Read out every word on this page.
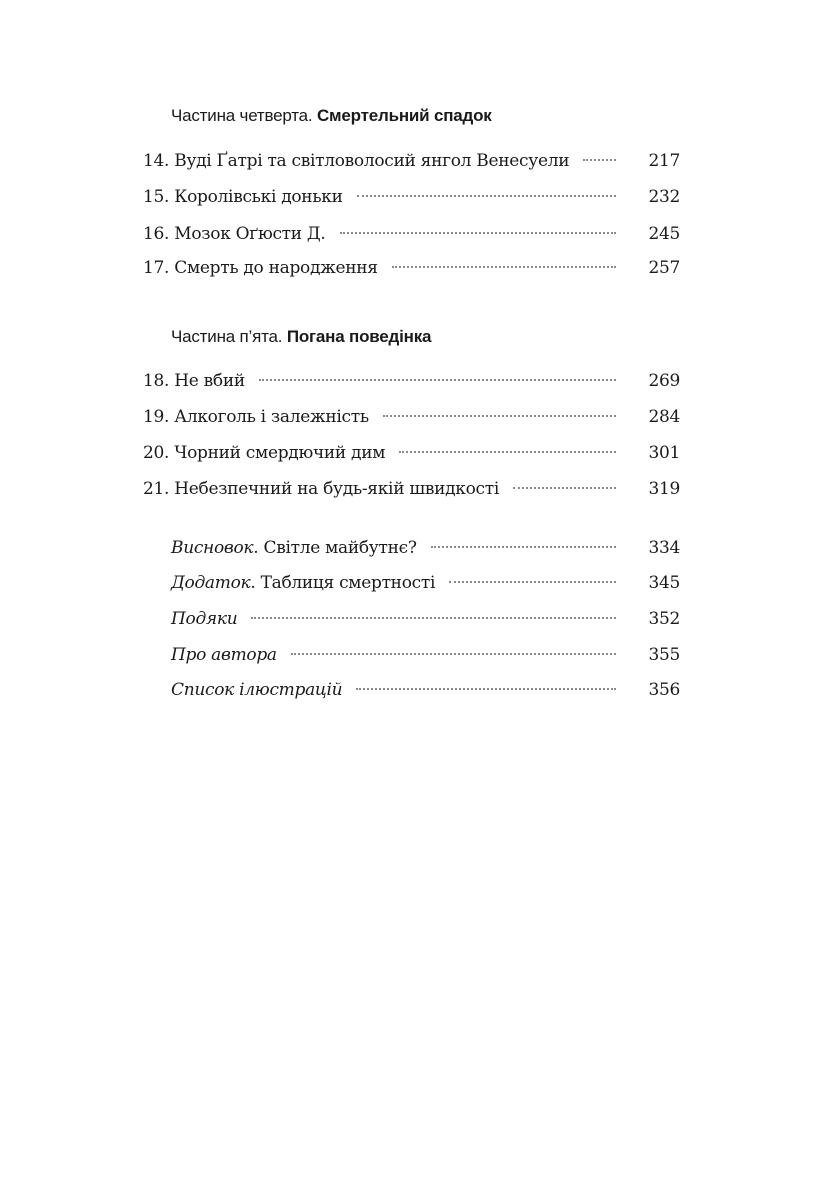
Частина четверта. Смертельний спадок
14. Вуді Ґатрі та світловолосий янгол Венесуели	217
15. Королівські доньки	232
16. Мозок Оґюсти Д.	245
17. Смерть до народження	257
Частина п’ята. Погана поведінка
18. Не вбий	269
19. Алкоголь і залежність	284
20. Чорний смердючий дим	301
21. Небезпечний на будь-якій швидкості	319
Висновок. Світле майбутнє?	334
Додаток. Таблиця смертності	345
Подяки	352
Про автора	355
Список ілюстрацій	356
